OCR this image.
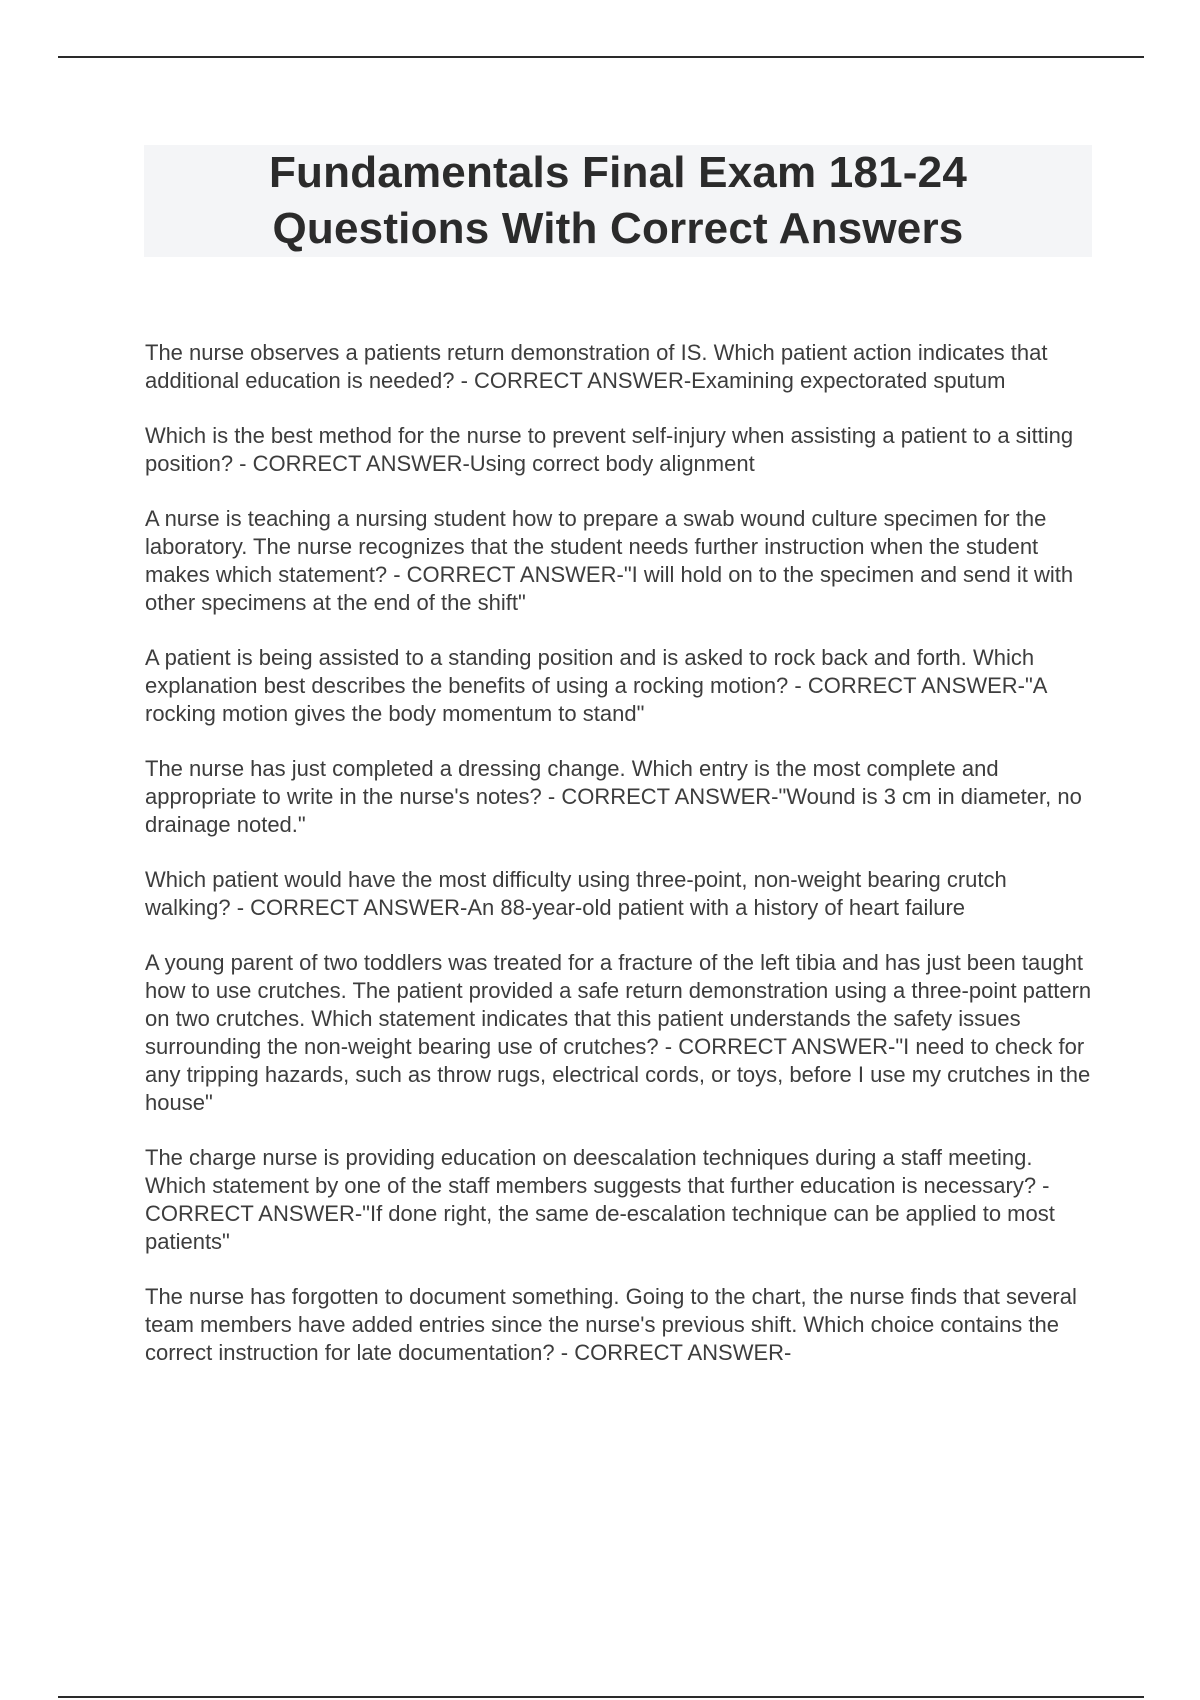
Fundamentals Final Exam 181-24
Questions With Correct Answers
The nurse observes a patients return demonstration of IS. Which patient action indicates that additional education is needed? - CORRECT ANSWER-Examining expectorated sputum
Which is the best method for the nurse to prevent self-injury when assisting a patient to a sitting position? - CORRECT ANSWER-Using correct body alignment
A nurse is teaching a nursing student how to prepare a swab wound culture specimen for the laboratory. The nurse recognizes that the student needs further instruction when the student makes which statement? - CORRECT ANSWER-"I will hold on to the specimen and send it with other specimens at the end of the shift"
A patient is being assisted to a standing position and is asked to rock back and forth. Which explanation best describes the benefits of using a rocking motion? - CORRECT ANSWER-"A rocking motion gives the body momentum to stand"
The nurse has just completed a dressing change. Which entry is the most complete and appropriate to write in the nurse's notes? - CORRECT ANSWER-"Wound is 3 cm in diameter, no drainage noted."
Which patient would have the most difficulty using three-point, non-weight bearing crutch walking? - CORRECT ANSWER-An 88-year-old patient with a history of heart failure
A young parent of two toddlers was treated for a fracture of the left tibia and has just been taught how to use crutches. The patient provided a safe return demonstration using a three-point pattern on two crutches. Which statement indicates that this patient understands the safety issues surrounding the non-weight bearing use of crutches? - CORRECT ANSWER-"I need to check for any tripping hazards, such as throw rugs, electrical cords, or toys, before I use my crutches in the house"
The charge nurse is providing education on deescalation techniques during a staff meeting. Which statement by one of the staff members suggests that further education is necessary? - CORRECT ANSWER-"If done right, the same de-escalation technique can be applied to most patients"
The nurse has forgotten to document something. Going to the chart, the nurse finds that several team members have added entries since the nurse's previous shift. Which choice contains the correct instruction for late documentation? - CORRECT ANSWER-
